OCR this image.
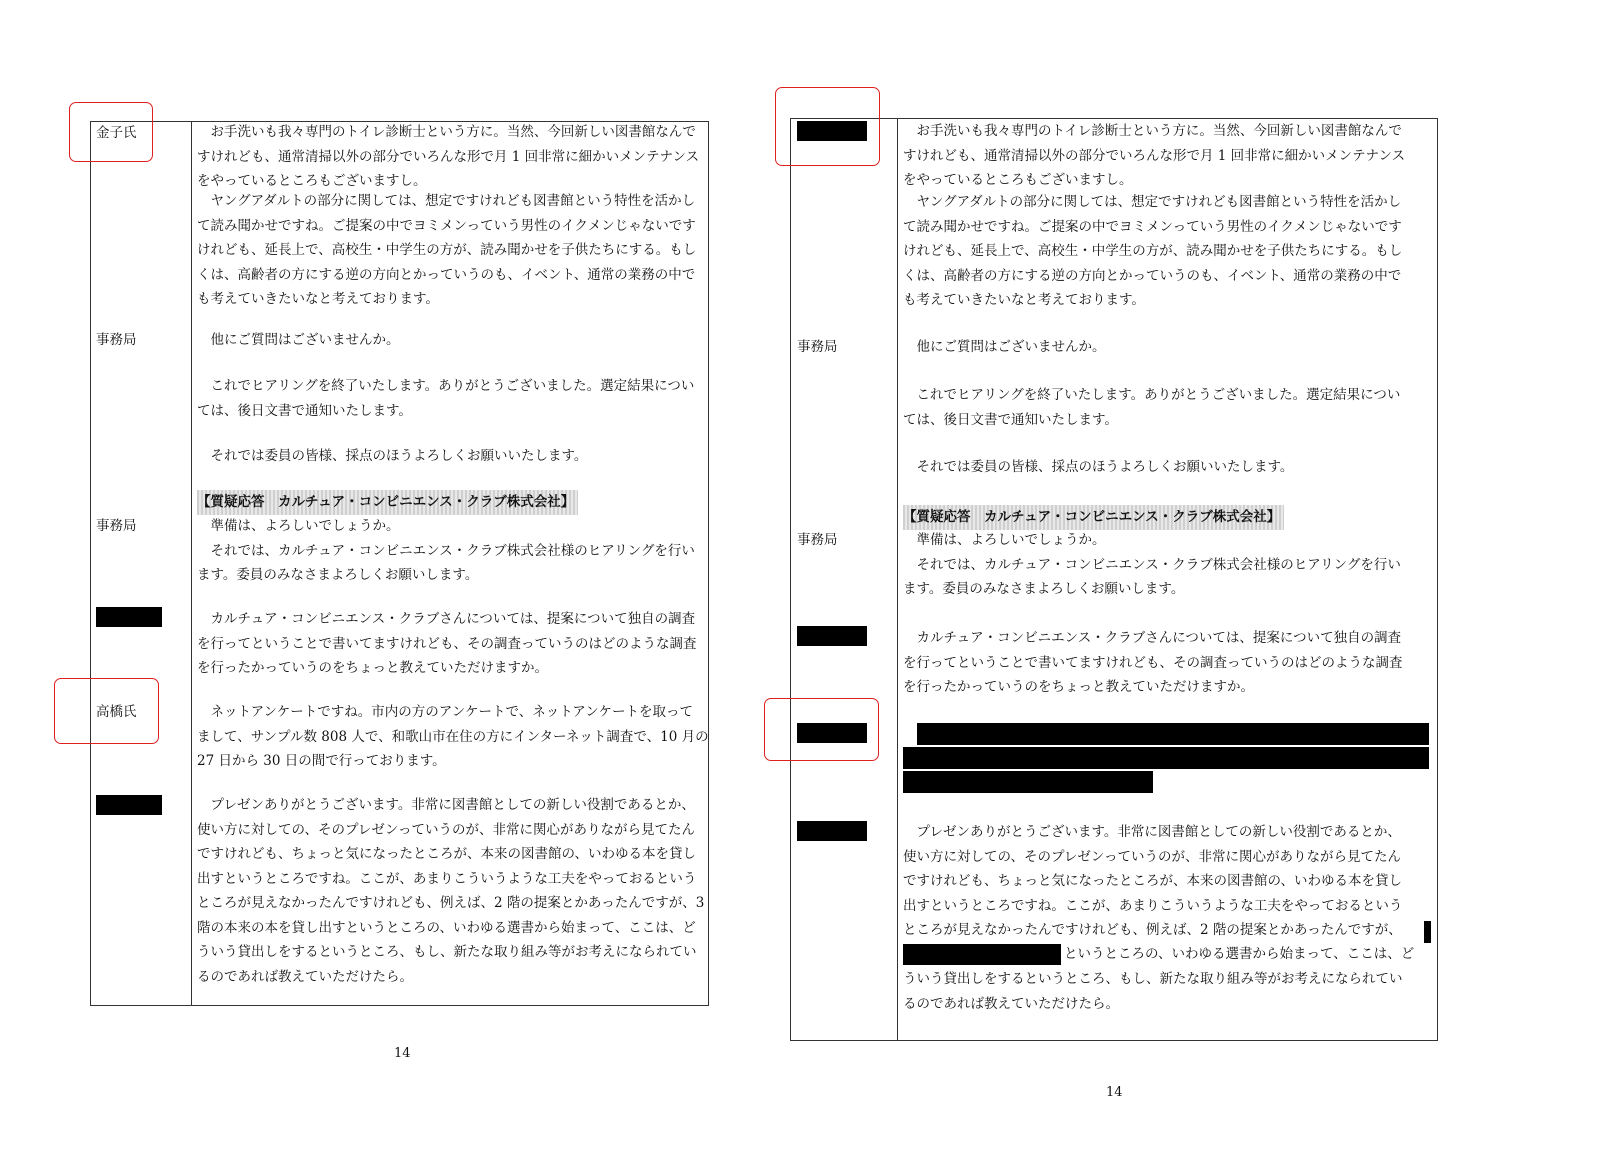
金子氏
事務局
事務局
高橋氏
　お手洗いも我々専門のトイレ診断士という方に。当然、今回新しい図書館なんで
すけれども、通常清掃以外の部分でいろんな形で月 1 回非常に細かいメンテナンス
をやっているところもございますし。
　ヤングアダルトの部分に関しては、想定ですけれども図書館という特性を活かし
て読み聞かせですね。ご提案の中でヨミメンっていう男性のイクメンじゃないです
けれども、延長上で、高校生・中学生の方が、読み聞かせを子供たちにする。もし
くは、高齢者の方にする逆の方向とかっていうのも、イベント、通常の業務の中で
も考えていきたいなと考えております。
　他にご質問はございませんか。
　これでヒアリングを終了いたします。ありがとうございました。選定結果につい
ては、後日文書で通知いたします。
　それでは委員の皆様、採点のほうよろしくお願いいたします。
【質疑応答　カルチュア・コンビニエンス・クラブ株式会社】
　準備は、よろしいでしょうか。
　それでは、カルチュア・コンビニエンス・クラブ株式会社様のヒアリングを行い
ます。委員のみなさまよろしくお願いします。
　カルチュア・コンビニエンス・クラブさんについては、提案について独自の調査
を行ってということで書いてますけれども、その調査っていうのはどのような調査
を行ったかっていうのをちょっと教えていただけますか。
　ネットアンケートですね。市内の方のアンケートで、ネットアンケートを取って
まして、サンプル数 808 人で、和歌山市在住の方にインターネット調査で、10 月の
27 日から 30 日の間で行っております。
　プレゼンありがとうございます。非常に図書館としての新しい役割であるとか、
使い方に対しての、そのプレゼンっていうのが、非常に関心がありながら見てたん
ですけれども、ちょっと気になったところが、本来の図書館の、いわゆる本を貸し
出すというところですね。ここが、あまりこういうような工夫をやっておるという
ところが見えなかったんですけれども、例えば、2 階の提案とかあったんですが、3
階の本来の本を貸し出すというところの、いわゆる選書から始まって、ここは、ど
ういう貸出しをするというところ、もし、新たな取り組み等がお考えになられてい
るのであれば教えていただけたら。
14
事務局
事務局
　お手洗いも我々専門のトイレ診断士という方に。当然、今回新しい図書館なんで
すけれども、通常清掃以外の部分でいろんな形で月 1 回非常に細かいメンテナンス
をやっているところもございますし。
　ヤングアダルトの部分に関しては、想定ですけれども図書館という特性を活かし
て読み聞かせですね。ご提案の中でヨミメンっていう男性のイクメンじゃないです
けれども、延長上で、高校生・中学生の方が、読み聞かせを子供たちにする。もし
くは、高齢者の方にする逆の方向とかっていうのも、イベント、通常の業務の中で
も考えていきたいなと考えております。
　他にご質問はございませんか。
　これでヒアリングを終了いたします。ありがとうございました。選定結果につい
ては、後日文書で通知いたします。
　それでは委員の皆様、採点のほうよろしくお願いいたします。
【質疑応答　カルチュア・コンビニエンス・クラブ株式会社】
　準備は、よろしいでしょうか。
　それでは、カルチュア・コンビニエンス・クラブ株式会社様のヒアリングを行い
ます。委員のみなさまよろしくお願いします。
　カルチュア・コンビニエンス・クラブさんについては、提案について独自の調査
を行ってということで書いてますけれども、その調査っていうのはどのような調査
を行ったかっていうのをちょっと教えていただけますか。
　プレゼンありがとうございます。非常に図書館としての新しい役割であるとか、
使い方に対しての、そのプレゼンっていうのが、非常に関心がありながら見てたん
ですけれども、ちょっと気になったところが、本来の図書館の、いわゆる本を貸し
出すというところですね。ここが、あまりこういうような工夫をやっておるという
ところが見えなかったんですけれども、例えば、2 階の提案とかあったんですが、
というところの、いわゆる選書から始まって、ここは、ど
ういう貸出しをするというところ、もし、新たな取り組み等がお考えになられてい
るのであれば教えていただけたら。
14
